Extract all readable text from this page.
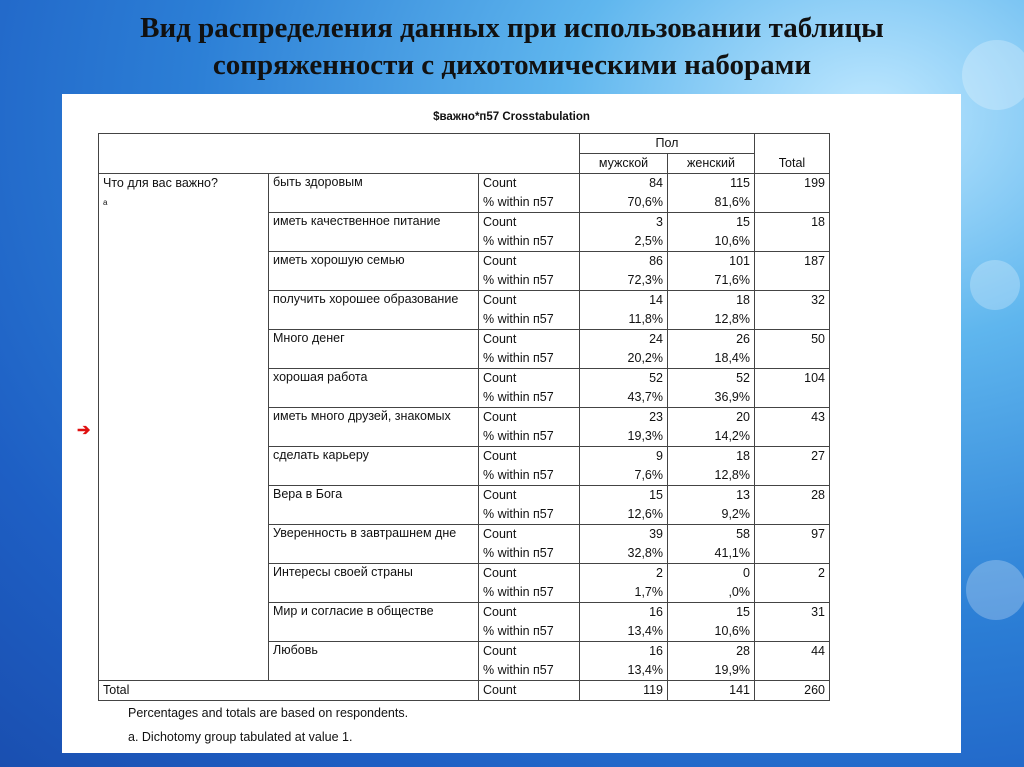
Вид распределения данных при использовании таблицы
сопряженности с дихотомическими наборами
$важно*п57 Crosstabulation
➔
			Пол		
			мужской	женский	Total
Что для вас важно?
$^a$	быть здоровым	Count	84	115	199
		% within п57	70,6%	81,6%	
	иметь качественное питание	Count	3	15	18
		% within п57	2,5%	10,6%	
	иметь хорошую семью	Count	86	101	187
		% within п57	72,3%	71,6%	
	получить хорошее образование	Count	14	18	32
		% within п57	11,8%	12,8%	
	Много денег	Count	24	26	50
		% within п57	20,2%	18,4%	
	хорошая работа	Count	52	52	104
		% within п57	43,7%	36,9%	
	иметь много друзей, знакомых	Count	23	20	43
		% within п57	19,3%	14,2%	
	сделать карьеру	Count	9	18	27
		% within п57	7,6%	12,8%	
	Вера в Бога	Count	15	13	28
		% within п57	12,6%	9,2%	
	Уверенность в завтрашнем дне	Count	39	58	97
		% within п57	32,8%	41,1%	
	Интересы своей страны	Count	2	0	2
		% within п57	1,7%	,0%	
	Мир и согласие в обществе	Count	16	15	31
		% within п57	13,4%	10,6%	
	Любовь	Count	16	28	44
		% within п57	13,4%	19,9%	
Total		Count	119	141	260
Percentages and totals are based on respondents.
a. Dichotomy group tabulated at value 1.
